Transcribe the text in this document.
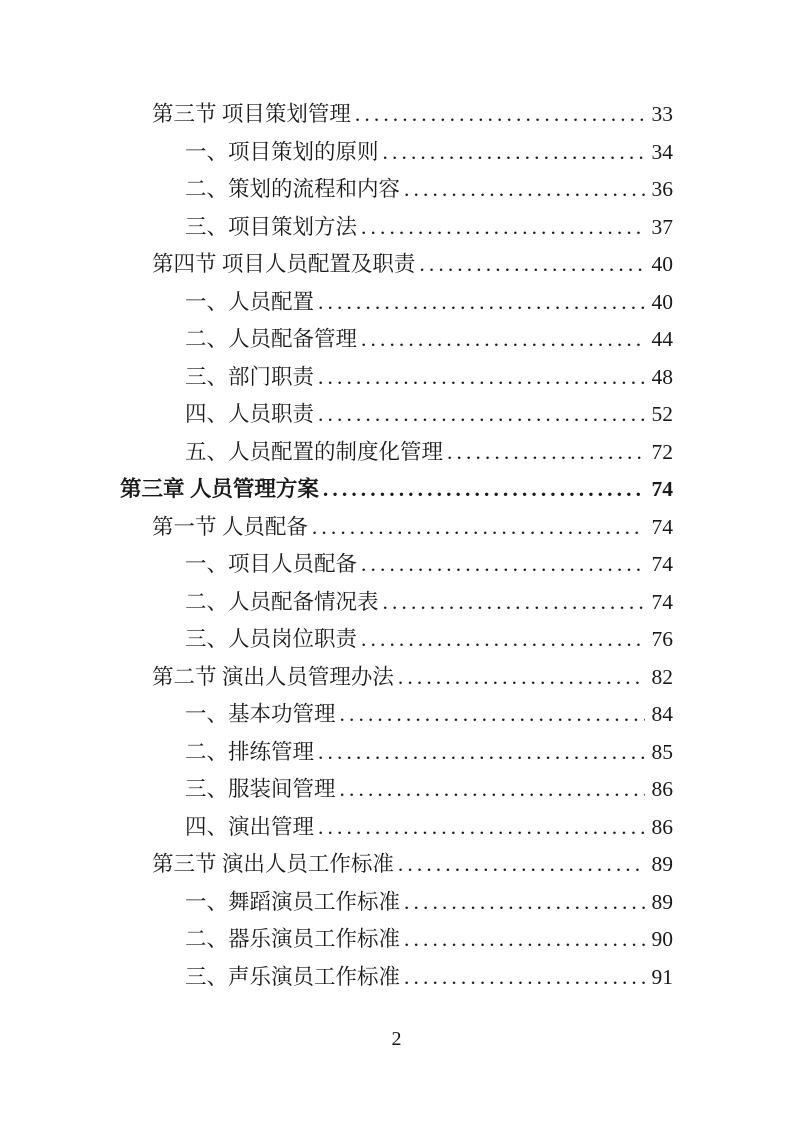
第三节 项目策划管理 .....	33
一、项目策划的原则 .....	34
二、策划的流程和内容 .....	36
三、项目策划方法 .....	37
第四节 项目人员配置及职责 .....	40
一、人员配置 .....	40
二、人员配备管理 .....	44
三、部门职责 .....	48
四、人员职责 .....	52
五、人员配置的制度化管理 .....	72
第三章 人员管理方案 .....	74
第一节 人员配备 .....	74
一、项目人员配备 .....	74
二、人员配备情况表 .....	74
三、人员岗位职责 .....	76
第二节 演出人员管理办法 .....	82
一、基本功管理 .....	84
二、排练管理 .....	85
三、服装间管理 .....	86
四、演出管理 .....	86
第三节 演出人员工作标准 .....	89
一、舞蹈演员工作标准 .....	89
二、器乐演员工作标准 .....	90
三、声乐演员工作标准 .....	91
2
